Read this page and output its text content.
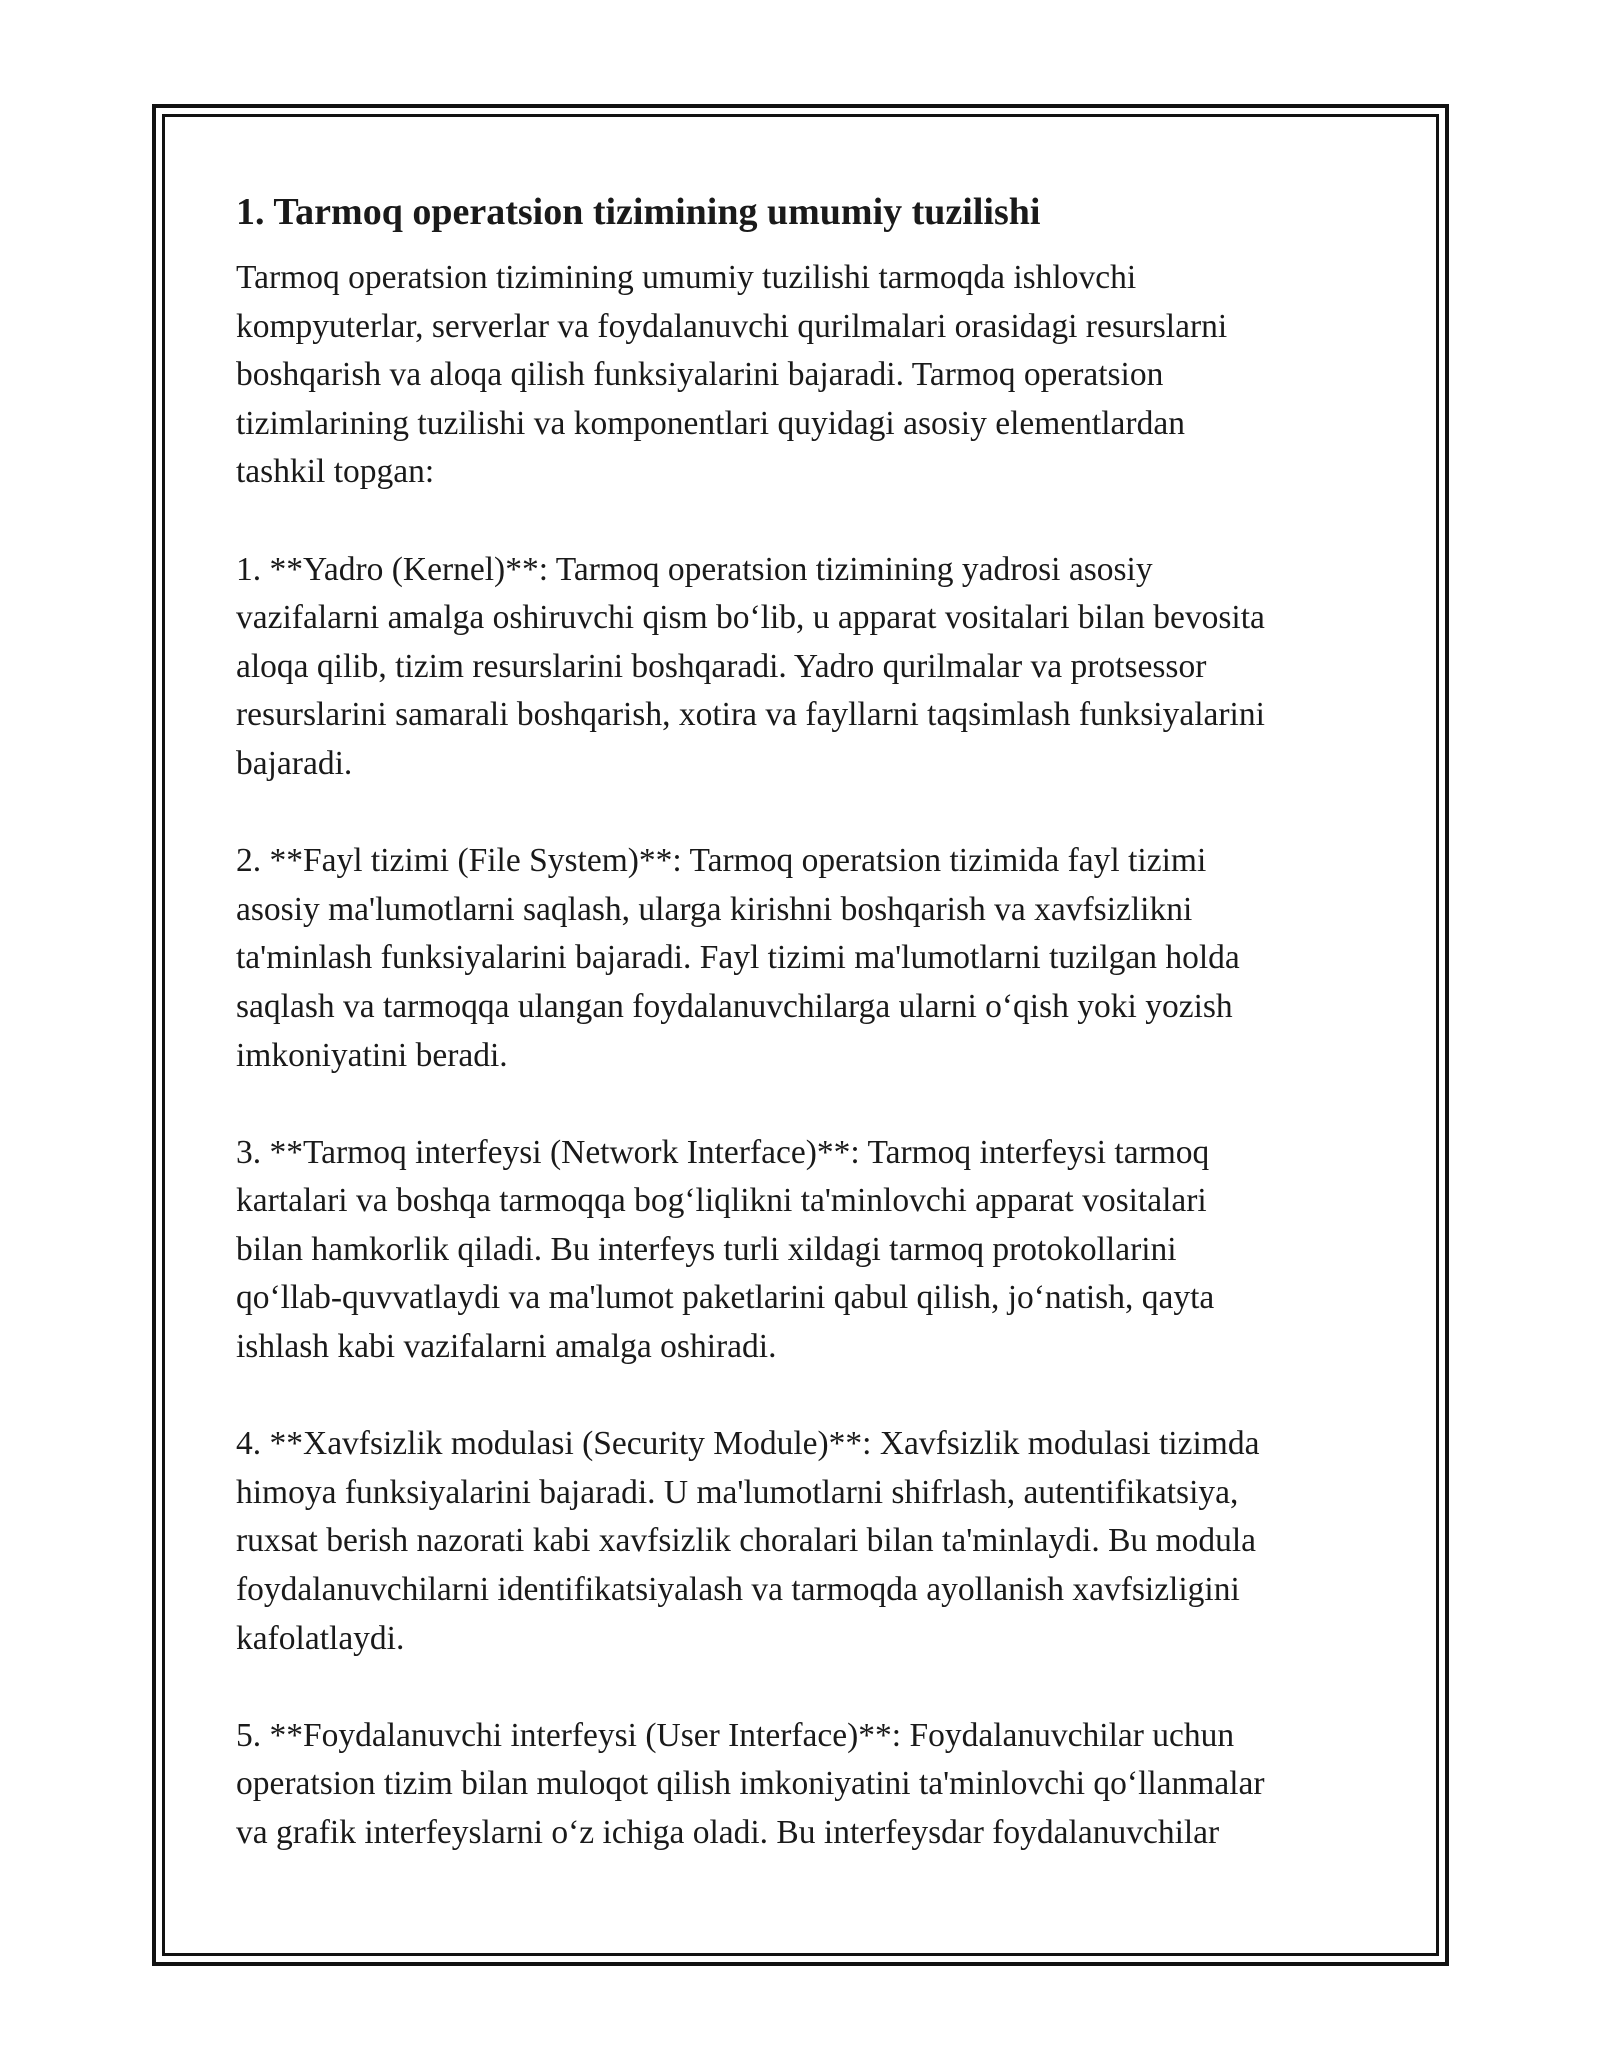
1. Tarmoq operatsion tizimining umumiy tuzilishi

Tarmoq operatsion tizimining umumiy tuzilishi tarmoqda ishlovchi
kompyuterlar, serverlar va foydalanuvchi qurilmalari orasidagi resurslarni
boshqarish va aloqa qilish funksiyalarini bajaradi. Tarmoq operatsion
tizimlarining tuzilishi va komponentlari quyidagi asosiy elementlardan
tashkil topgan:

1. **Yadro (Kernel)**: Tarmoq operatsion tizimining yadrosi asosiy
vazifalarni amalga oshiruvchi qism bo‘lib, u apparat vositalari bilan bevosita
aloqa qilib, tizim resurslarini boshqaradi. Yadro qurilmalar va protsessor
resurslarini samarali boshqarish, xotira va fayllarni taqsimlash funksiyalarini
bajaradi.

2. **Fayl tizimi (File System)**: Tarmoq operatsion tizimida fayl tizimi
asosiy ma'lumotlarni saqlash, ularga kirishni boshqarish va xavfsizlikni
ta'minlash funksiyalarini bajaradi. Fayl tizimi ma'lumotlarni tuzilgan holda
saqlash va tarmoqqa ulangan foydalanuvchilarga ularni o‘qish yoki yozish
imkoniyatini beradi.

3. **Tarmoq interfeysi (Network Interface)**: Tarmoq interfeysi tarmoq
kartalari va boshqa tarmoqqa bog‘liqlikni ta'minlovchi apparat vositalari
bilan hamkorlik qiladi. Bu interfeys turli xildagi tarmoq protokollarini
qo‘llab-quvvatlaydi va ma'lumot paketlarini qabul qilish, jo‘natish, qayta
ishlash kabi vazifalarni amalga oshiradi.

4. **Xavfsizlik modulasi (Security Module)**: Xavfsizlik modulasi tizimda
himoya funksiyalarini bajaradi. U ma'lumotlarni shifrlash, autentifikatsiya,
ruxsat berish nazorati kabi xavfsizlik choralari bilan ta'minlaydi. Bu modula
foydalanuvchilarni identifikatsiyalash va tarmoqda ayollanish xavfsizligini
kafolatlaydi.

5. **Foydalanuvchi interfeysi (User Interface)**: Foydalanuvchilar uchun
operatsion tizim bilan muloqot qilish imkoniyatini ta'minlovchi qo‘llanmalar
va grafik interfeyslarni o‘z ichiga oladi. Bu interfeysdar foydalanuvchilar
